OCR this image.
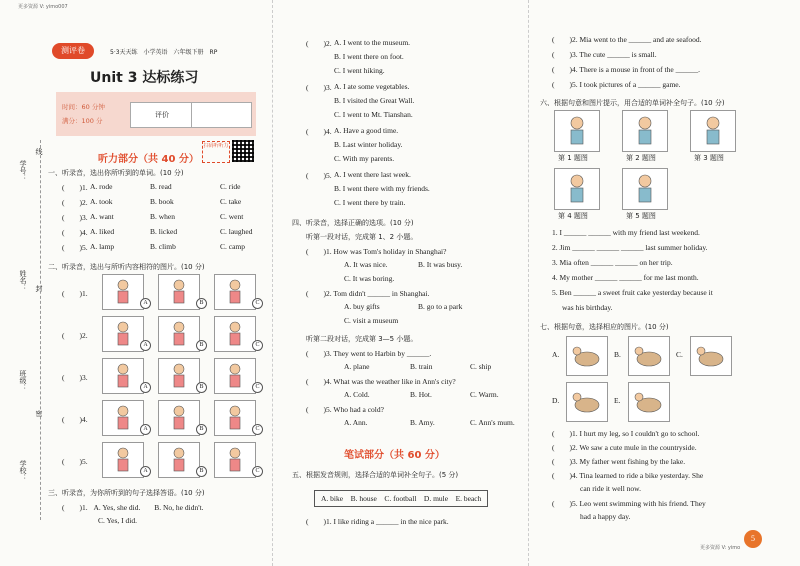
更多资源 V: yimo007
学号：
姓名：
班级：
学校：
线
封
密
测评卷	5·3天天练　小学英语　六年级下册　RP
Unit 3 达标练习
时间：60 分钟
满分：100 分
评价
扫码听听力
听力部分（共 40 分）
一、听录音，选出你所听到的单词。(10 分)
(　　)1. A. rode	B. read	C. ride
(　　)2. A. took	B. book	C. take
(　　)3. A. want	B. when	C. went
(　　)4. A. liked	B. licked	C. laughed
(　　)5. A. lamp	B. climb	C. camp
二、听录音，选出与所听内容相符的图片。(10 分)
(　　)1.
A	B	C
(　　)2.
A	B	C
(　　)3.
A	B	C
(　　)4.
A	B	C
(　　)5.
A	B	C
三、听录音，为你所听到的句子选择答语。(10 分)
(　　)1. A. Yes, she did. B. No, he didn't.
C. Yes, I did.
(　　)2. A. I went to the museum.
B. I went there on foot.
C. I went hiking.
(　　)3. A. I ate some vegetables.
B. I visited the Great Wall.
C. I went to Mt. Tianshan.
(　　)4. A. Have a good time.
B. Last winter holiday.
C. With my parents.
(　　)5. A. I went there last week.
B. I went there with my friends.
C. I went there by train.
四、听录音，选择正确的选项。(10 分)
听第一段对话，完成第 1、2 小题。
(　　)1. How was Tom's holiday in Shanghai?
A. It was nice.	B. It was busy.
C. It was boring.
(　　)2. Tom didn't ______ in Shanghai.
A. buy gifts	B. go to a park
C. visit a museum
听第二段对话，完成第 3—5 小题。
(　　)3. They went to Harbin by ______.
A. plane	B. train	C. ship
(　　)4. What was the weather like in Ann's city?
A. Cold.	B. Hot.	C. Warm.
(　　)5. Who had a cold?
A. Ann.	B. Amy.	C. Ann's mum.
笔试部分（共 60 分）
五、根据发音规则，选择合适的单词补全句子。(5 分)
A. bike　B. house　C. football　D. mule　E. beach
(　　)1. I like riding a ______ in the nice park.
(　　)2. Mia went to the ______ and ate seafood.
(　　)3. The cute ______ is small.
(　　)4. There is a mouse in front of the ______.
(　　)5. I took pictures of a ______ game.
六、根据句意和图片提示，用合适的单词补全句子。(10 分)
第 1 题图	第 2 题图	第 3 题图
第 4 题图	第 5 题图
1. I ______ ______ with my friend last weekend.
2. Jim ______ ______ ______ last summer holiday.
3. Mia often ______ ______ on her trip.
4. My mother ______ ______ for me last month.
5. Ben ______ a sweet fruit cake yesterday because it
was his birthday.
七、根据句意，选择相应的图片。(10 分)
A.	B.	C.
D.	E.
(　　)1. I hurt my leg, so I couldn't go to school.
(　　)2. We saw a cute mule in the countryside.
(　　)3. My father went fishing by the lake.
(　　)4. Tina learned to ride a bike yesterday. She
can ride it well now.
(　　)5. Leo went swimming with his friend. They
had a happy day.
更多资源 V: yimo
5
